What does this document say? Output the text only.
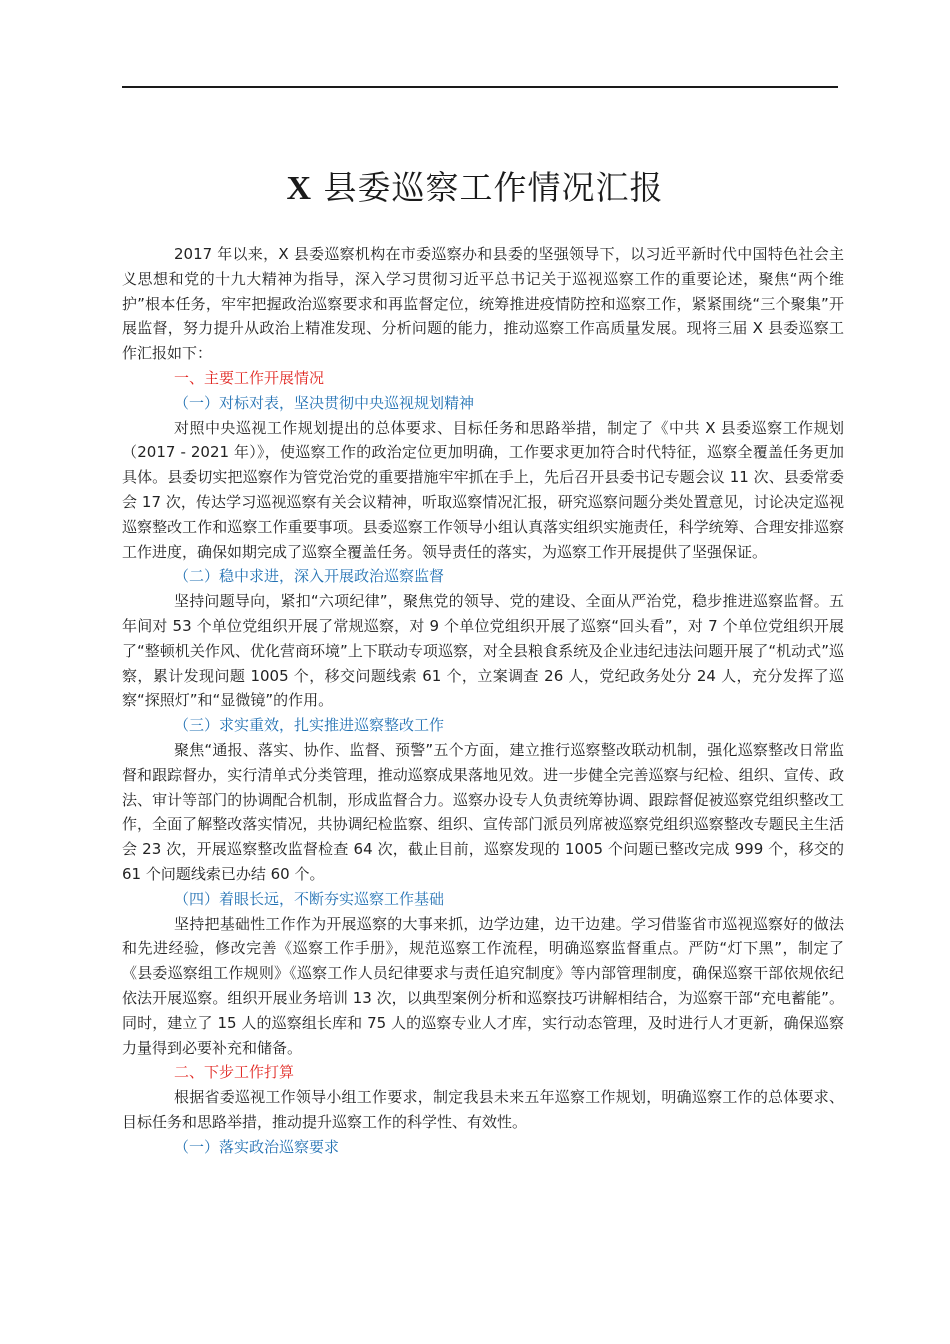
X 县委巡察工作情况汇报

2017 年以来，X 县委巡察机构在市委巡察办和县委的坚强领导下，以习近平新时代中国特色社会主义思想和党的十九大精神为指导，深入学习贯彻习近平总书记关于巡视巡察工作的重要论述，聚焦“两个维护”根本任务，牢牢把握政治巡察要求和再监督定位，统筹推进疫情防控和巡察工作，紧紧围绕“三个聚集”开展监督，努力提升从政治上精准发现、分析问题的能力，推动巡察工作高质量发展。现将三届 X 县委巡察工作汇报如下：

一、主要工作开展情况

（一）对标对表，坚决贯彻中央巡视规划精神

对照中央巡视工作规划提出的总体要求、目标任务和思路举措，制定了《中共 X 县委巡察工作规划（2017 - 2021 年）》，使巡察工作的政治定位更加明确，工作要求更加符合时代特征，巡察全覆盖任务更加具体。县委切实把巡察作为管党治党的重要措施牢牢抓在手上，先后召开县委书记专题会议 11 次、县委常委会 17 次，传达学习巡视巡察有关会议精神，听取巡察情况汇报，研究巡察问题分类处置意见，讨论决定巡视巡察整改工作和巡察工作重要事项。县委巡察工作领导小组认真落实组织实施责任，科学统筹、合理安排巡察工作进度，确保如期完成了巡察全覆盖任务。领导责任的落实，为巡察工作开展提供了坚强保证。

（二）稳中求进，深入开展政治巡察监督

坚持问题导向，紧扣“六项纪律”，聚焦党的领导、党的建设、全面从严治党，稳步推进巡察监督。五年间对 53 个单位党组织开展了常规巡察，对 9 个单位党组织开展了巡察“回头看”，对 7 个单位党组织开展了“整顿机关作风、优化营商环境”上下联动专项巡察，对全县粮食系统及企业违纪违法问题开展了“机动式”巡察，累计发现问题 1005 个，移交问题线索 61 个，立案调查 26 人，党纪政务处分 24 人，充分发挥了巡察“探照灯”和“显微镜”的作用。

（三）求实重效，扎实推进巡察整改工作

聚焦“通报、落实、协作、监督、预警”五个方面，建立推行巡察整改联动机制，强化巡察整改日常监督和跟踪督办，实行清单式分类管理，推动巡察成果落地见效。进一步健全完善巡察与纪检、组织、宣传、政法、审计等部门的协调配合机制，形成监督合力。巡察办设专人负责统筹协调、跟踪督促被巡察党组织整改工作，全面了解整改落实情况，共协调纪检监察、组织、宣传部门派员列席被巡察党组织巡察整改专题民主生活会 23 次，开展巡察整改监督检查 64 次，截止目前，巡察发现的 1005 个问题已整改完成 999 个，移交的 61 个问题线索已办结 60 个。

（四）着眼长远，不断夯实巡察工作基础

坚持把基础性工作作为开展巡察的大事来抓，边学边建，边干边建。学习借鉴省市巡视巡察好的做法和先进经验，修改完善《巡察工作手册》，规范巡察工作流程，明确巡察监督重点。严防“灯下黑”，制定了《县委巡察组工作规则》《巡察工作人员纪律要求与责任追究制度》等内部管理制度，确保巡察干部依规依纪依法开展巡察。组织开展业务培训 13 次，以典型案例分析和巡察技巧讲解相结合，为巡察干部“充电蓄能”。同时，建立了 15 人的巡察组长库和 75 人的巡察专业人才库，实行动态管理，及时进行人才更新，确保巡察力量得到必要补充和储备。

二、下步工作打算

根据省委巡视工作领导小组工作要求，制定我县未来五年巡察工作规划，明确巡察工作的总体要求、目标任务和思路举措，推动提升巡察工作的科学性、有效性。

（一）落实政治巡察要求
